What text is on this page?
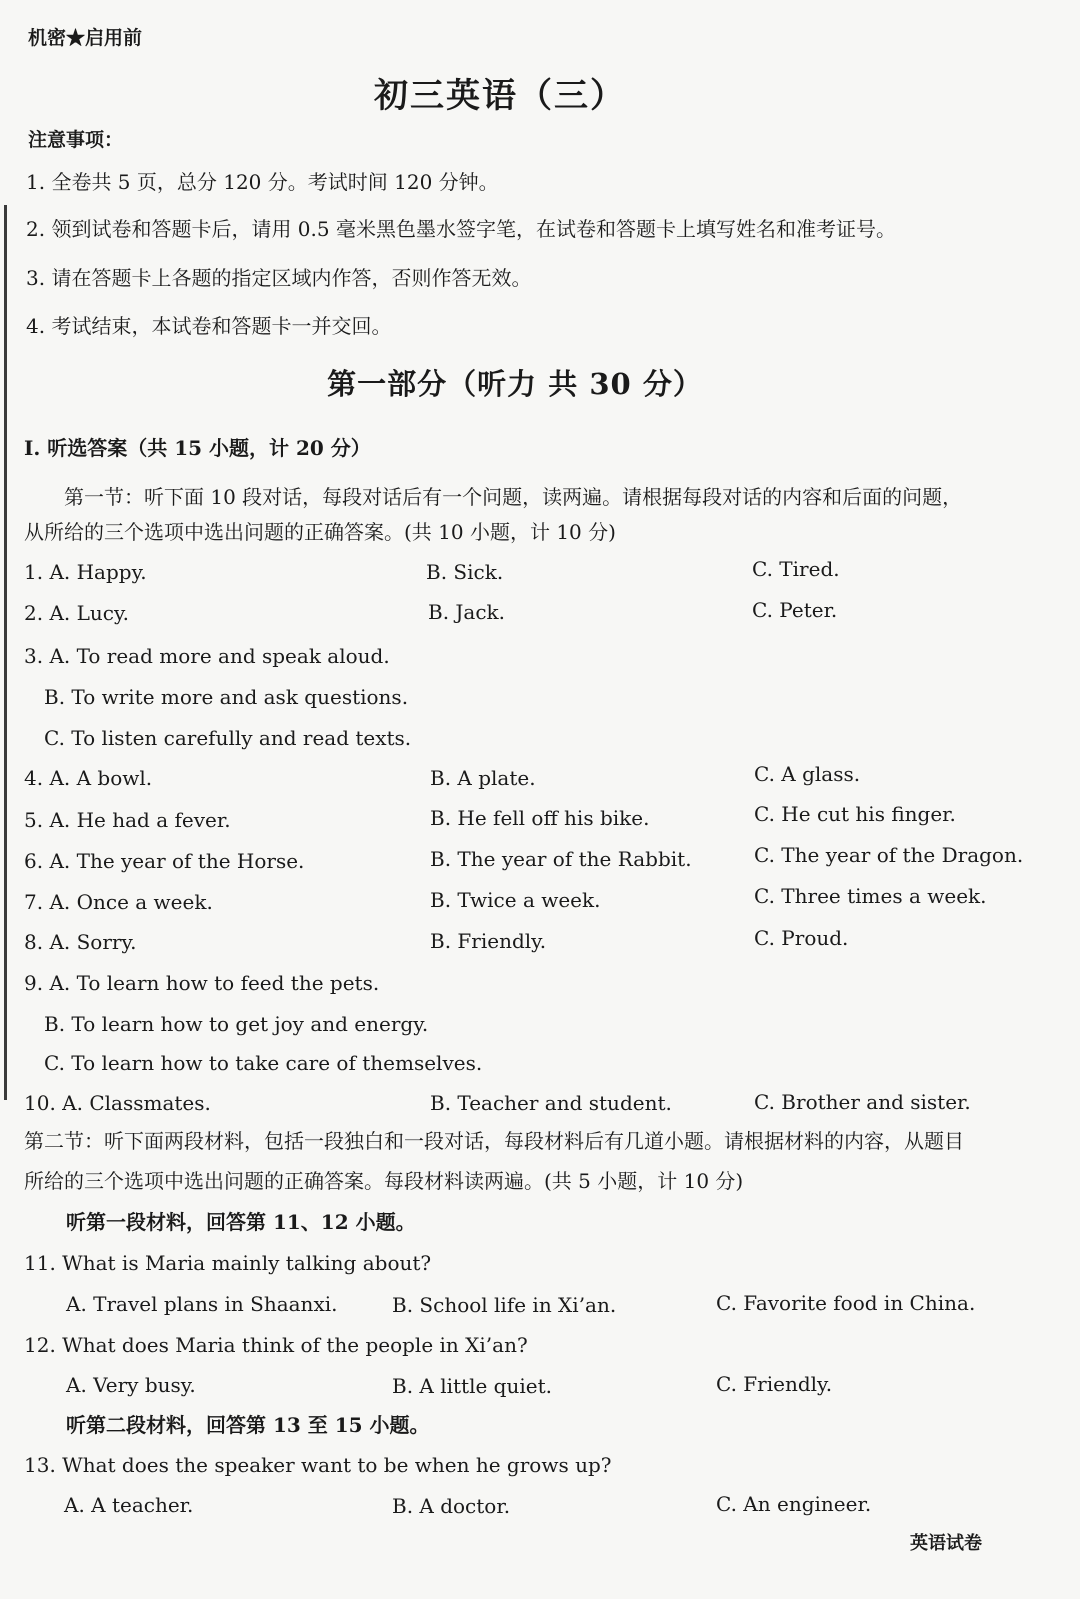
机密★启用前
初三英语（三）
注意事项：
1. 全卷共 5 页，总分 120 分。考试时间 120 分钟。
2. 领到试卷和答题卡后，请用 0.5 毫米黑色墨水签字笔，在试卷和答题卡上填写姓名和准考证号。
3. 请在答题卡上各题的指定区域内作答，否则作答无效。
4. 考试结束，本试卷和答题卡一并交回。
第一部分（听力 共 30 分）
I. 听选答案（共 15 小题，计 20 分）
第一节：听下面 10 段对话，每段对话后有一个问题，读两遍。请根据每段对话的内容和后面的问题，
从所给的三个选项中选出问题的正确答案。(共 10 小题，计 10 分)
1. A. Happy.	B. Sick.	C. Tired.
2. A. Lucy.	B. Jack.	C. Peter.
3. A. To read more and speak aloud.
B. To write more and ask questions.
C. To listen carefully and read texts.
4. A. A bowl.	B. A plate.	C. A glass.
5. A. He had a fever.	B. He fell off his bike.	C. He cut his finger.
6. A. The year of the Horse.	B. The year of the Rabbit.	C. The year of the Dragon.
7. A. Once a week.	B. Twice a week.	C. Three times a week.
8. A. Sorry.	B. Friendly.	C. Proud.
9. A. To learn how to feed the pets.
B. To learn how to get joy and energy.
C. To learn how to take care of themselves.
10. A. Classmates.	B. Teacher and student.	C. Brother and sister.
第二节：听下面两段材料，包括一段独白和一段对话，每段材料后有几道小题。请根据材料的内容，从题目
所给的三个选项中选出问题的正确答案。每段材料读两遍。(共 5 小题，计 10 分)
听第一段材料，回答第 11、12 小题。
11. What is Maria mainly talking about?
A. Travel plans in Shaanxi.	B. School life in Xi’an.	C. Favorite food in China.
12. What does Maria think of the people in Xi’an?
A. Very busy.	B. A little quiet.	C. Friendly.
听第二段材料，回答第 13 至 15 小题。
13. What does the speaker want to be when he grows up?
A. A teacher.	B. A doctor.	C. An engineer.
英语试卷
